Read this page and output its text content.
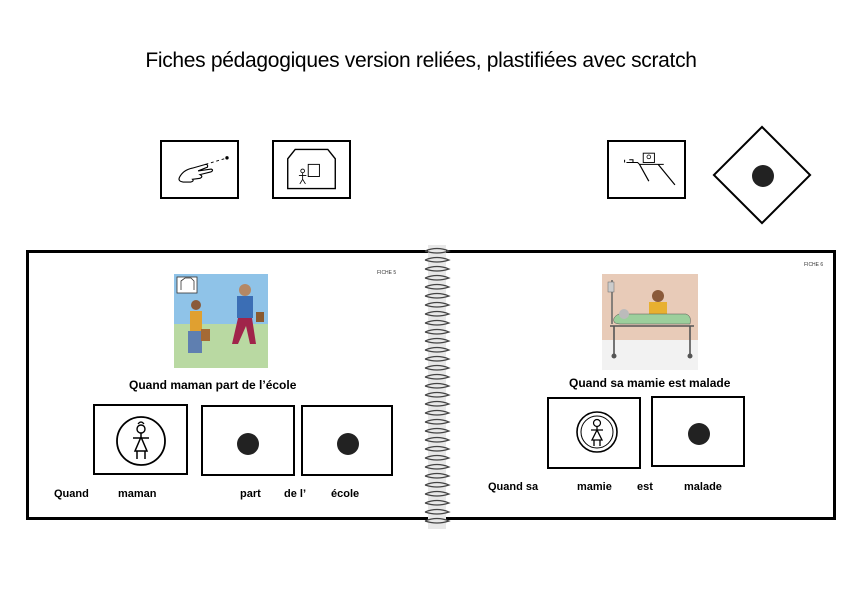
Fiches pédagogiques version reliées, plastifiées avec scratch
FICHE 5
FICHE 6
Quand maman part de l’école	Quand sa mamie est malade
Quand	maman	part de l’ école
Quand sa	mamie est	malade
